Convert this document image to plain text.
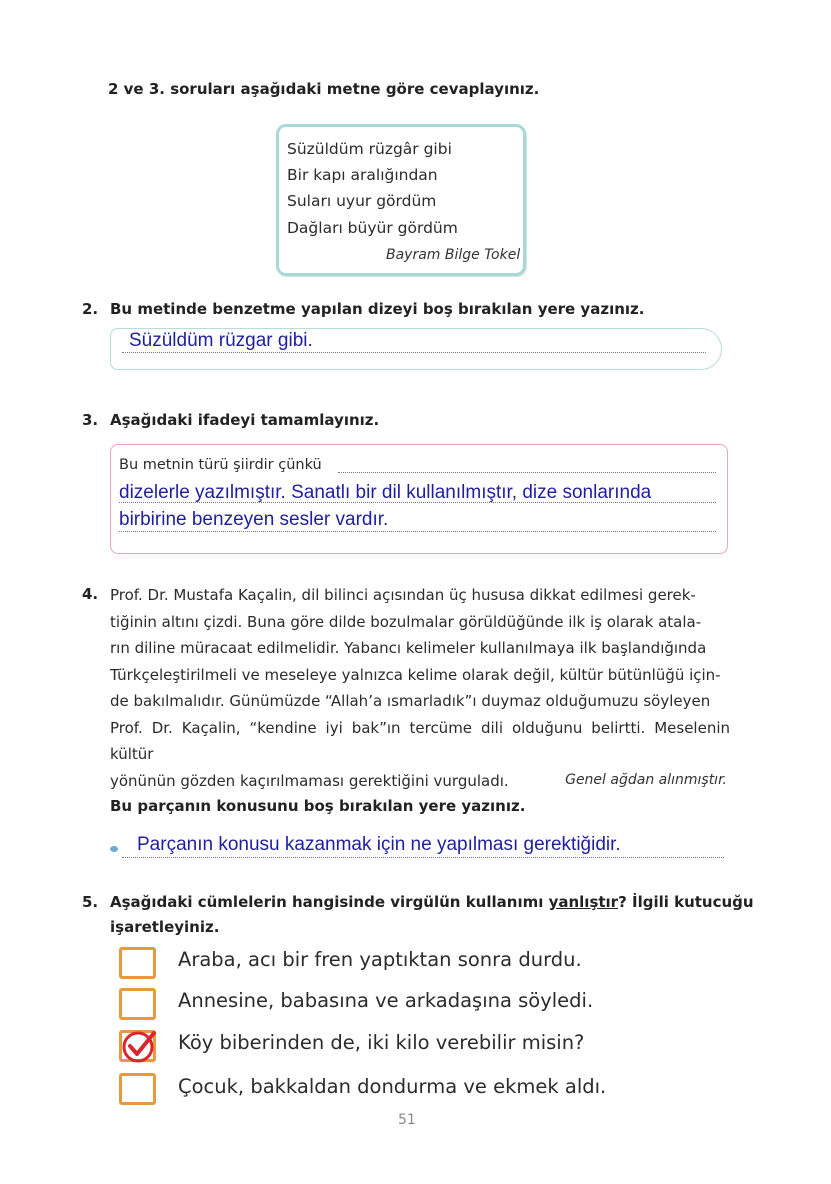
2 ve 3. soruları aşağıdaki metne göre cevaplayınız.
Süzüldüm rüzgâr gibi
Bir kapı aralığından
Suları uyur gördüm
Dağları büyür gördüm
Bayram Bilge Tokel
2. Bu metinde benzetme yapılan dizeyi boş bırakılan yere yazınız.
Süzüldüm rüzgar gibi.
3. Aşağıdaki ifadeyi tamamlayınız.
Bu metnin türü şiirdir çünkü
dizelerle yazılmıştır. Sanatlı bir dil kullanılmıştır, dize sonlarında
birbirine benzeyen sesler vardır.
4. Prof. Dr. Mustafa Kaçalin, dil bilinci açısından üç hususa dikkat edilmesi gerek-

tiğinin altını çizdi. Buna göre dilde bozulmalar görüldüğünde ilk iş olarak atala-

rın diline müracaat edilmelidir. Yabancı kelimeler kullanılmaya ilk başlandığında

Türkçeleştirilmeli ve meseleye yalnızca kelime olarak değil, kültür bütünlüğü için-

de bakılmalıdır. Günümüzde “Allah’a ısmarladık”ı duymaz olduğumuzu söyleyen

Prof. Dr. Kaçalin, “kendine iyi bak”ın tercüme dili olduğunu belirtti. Meselenin kültür

yönünün gözden kaçırılmaması gerektiğini vurguladı.	Genel ağdan alınmıştır.
Bu parçanın konusunu boş bırakılan yere yazınız.
Parçanın konusu kazanmak için ne yapılması gerektiğidir.
5. Aşağıdaki cümlelerin hangisinde virgülün kullanımı yanlıştır? İlgili kutucuğu
işaretleyiniz.
Araba, acı bir fren yaptıktan sonra durdu.
Annesine, babasına ve arkadaşına söyledi.
Köy biberinden de, iki kilo verebilir misin?
Çocuk, bakkaldan dondurma ve ekmek aldı.
51
